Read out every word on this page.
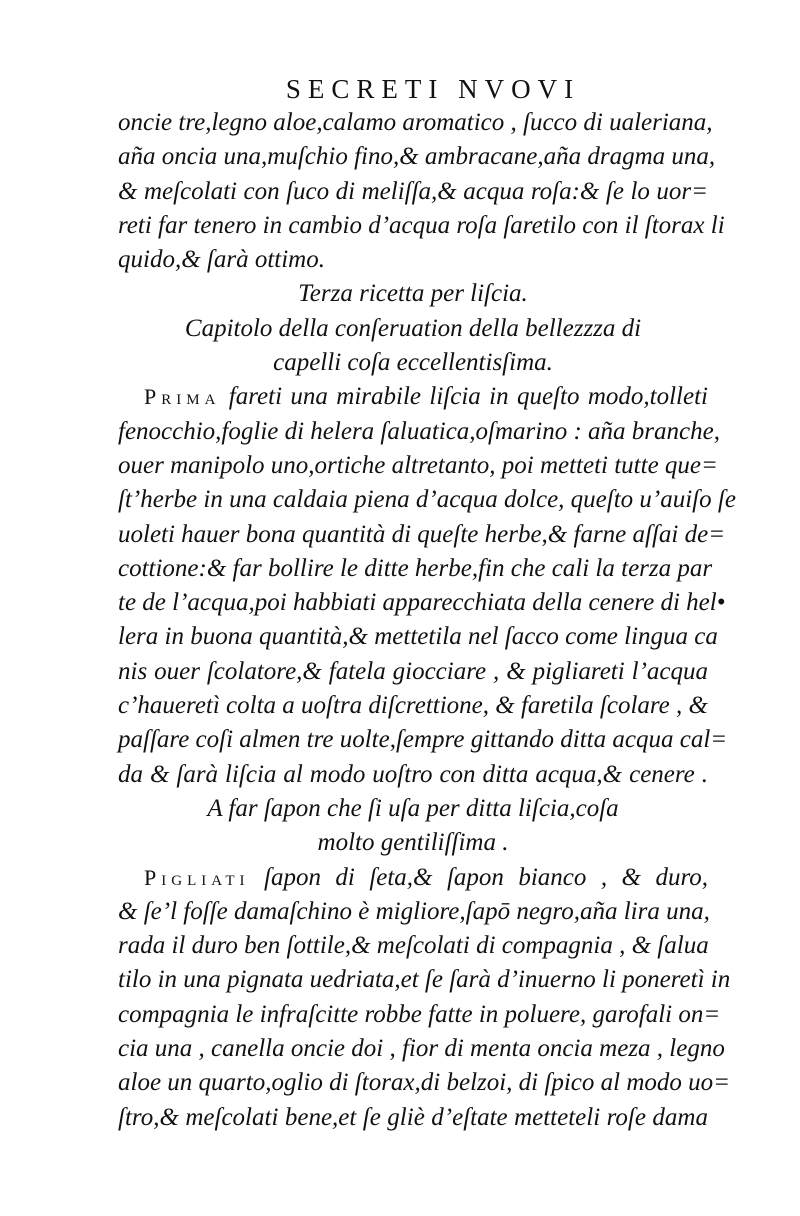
SECRETI NVOVI
oncie tre,legno aloe,calamo aromatico , ſucco di ualeriana,
aña oncia una,muſchio fino,& ambracane,aña dragma una,
& meſcolati con ſuco di meliſſa,& acqua roſa:& ſe lo uor=
reti far tenero in cambio d’acqua roſa ſaretilo con il ſtorax li
quido,& ſarà ottimo.
Terza ricetta per liſcia.
Capitolo della conſeruation della bellezzza di
capelli coſa eccellentisſima.
Prima fareti una mirabile liſcia in queſto modo,tolleti
fenocchio,foglie di helera ſaluatica,oſmarino : aña branche,
ouer manipolo uno,ortiche altretanto, poi metteti tutte que=
ſt’herbe in una caldaia piena d’acqua dolce, queſto u’auiſo ſe
uoleti hauer bona quantità di queſte herbe,& farne aſſai de=
cottione:& far bollire le ditte herbe,fin che cali la terza par
te de l’acqua,poi habbiati apparecchiata della cenere di hel•
lera in buona quantità,& mettetila nel ſacco come lingua ca
nis ouer ſcolatore,& fatela giocciare , & pigliareti l’acqua
c’haueretì colta a uoſtra diſcrettione, & faretila ſcolare , &
paſſare coſi almen tre uolte,ſempre gittando ditta acqua cal=
da & ſarà liſcia al modo uoſtro con ditta acqua,& cenere .
A far ſapon che ſi uſa per ditta liſcia,coſa
molto gentiliſſima .
Pigliati ſapon di ſeta,& ſapon bianco , & duro,
& ſe’l foſſe damaſchino è migliore,ſapō negro,aña lira una,
rada il duro ben ſottile,& meſcolati di compagnia , & ſalua
tilo in una pignata uedriata,et ſe ſarà d’inuerno li poneretì in
compagnia le infraſcitte robbe fatte in poluere, garofali on=
cia una , canella oncie doi , fior di menta oncia meza , legno
aloe un quarto,oglio di ſtorax,di belzoi, di ſpico al modo uo=
ſtro,& meſcolati bene,et ſe gliè d’eſtate metteteli roſe dama
